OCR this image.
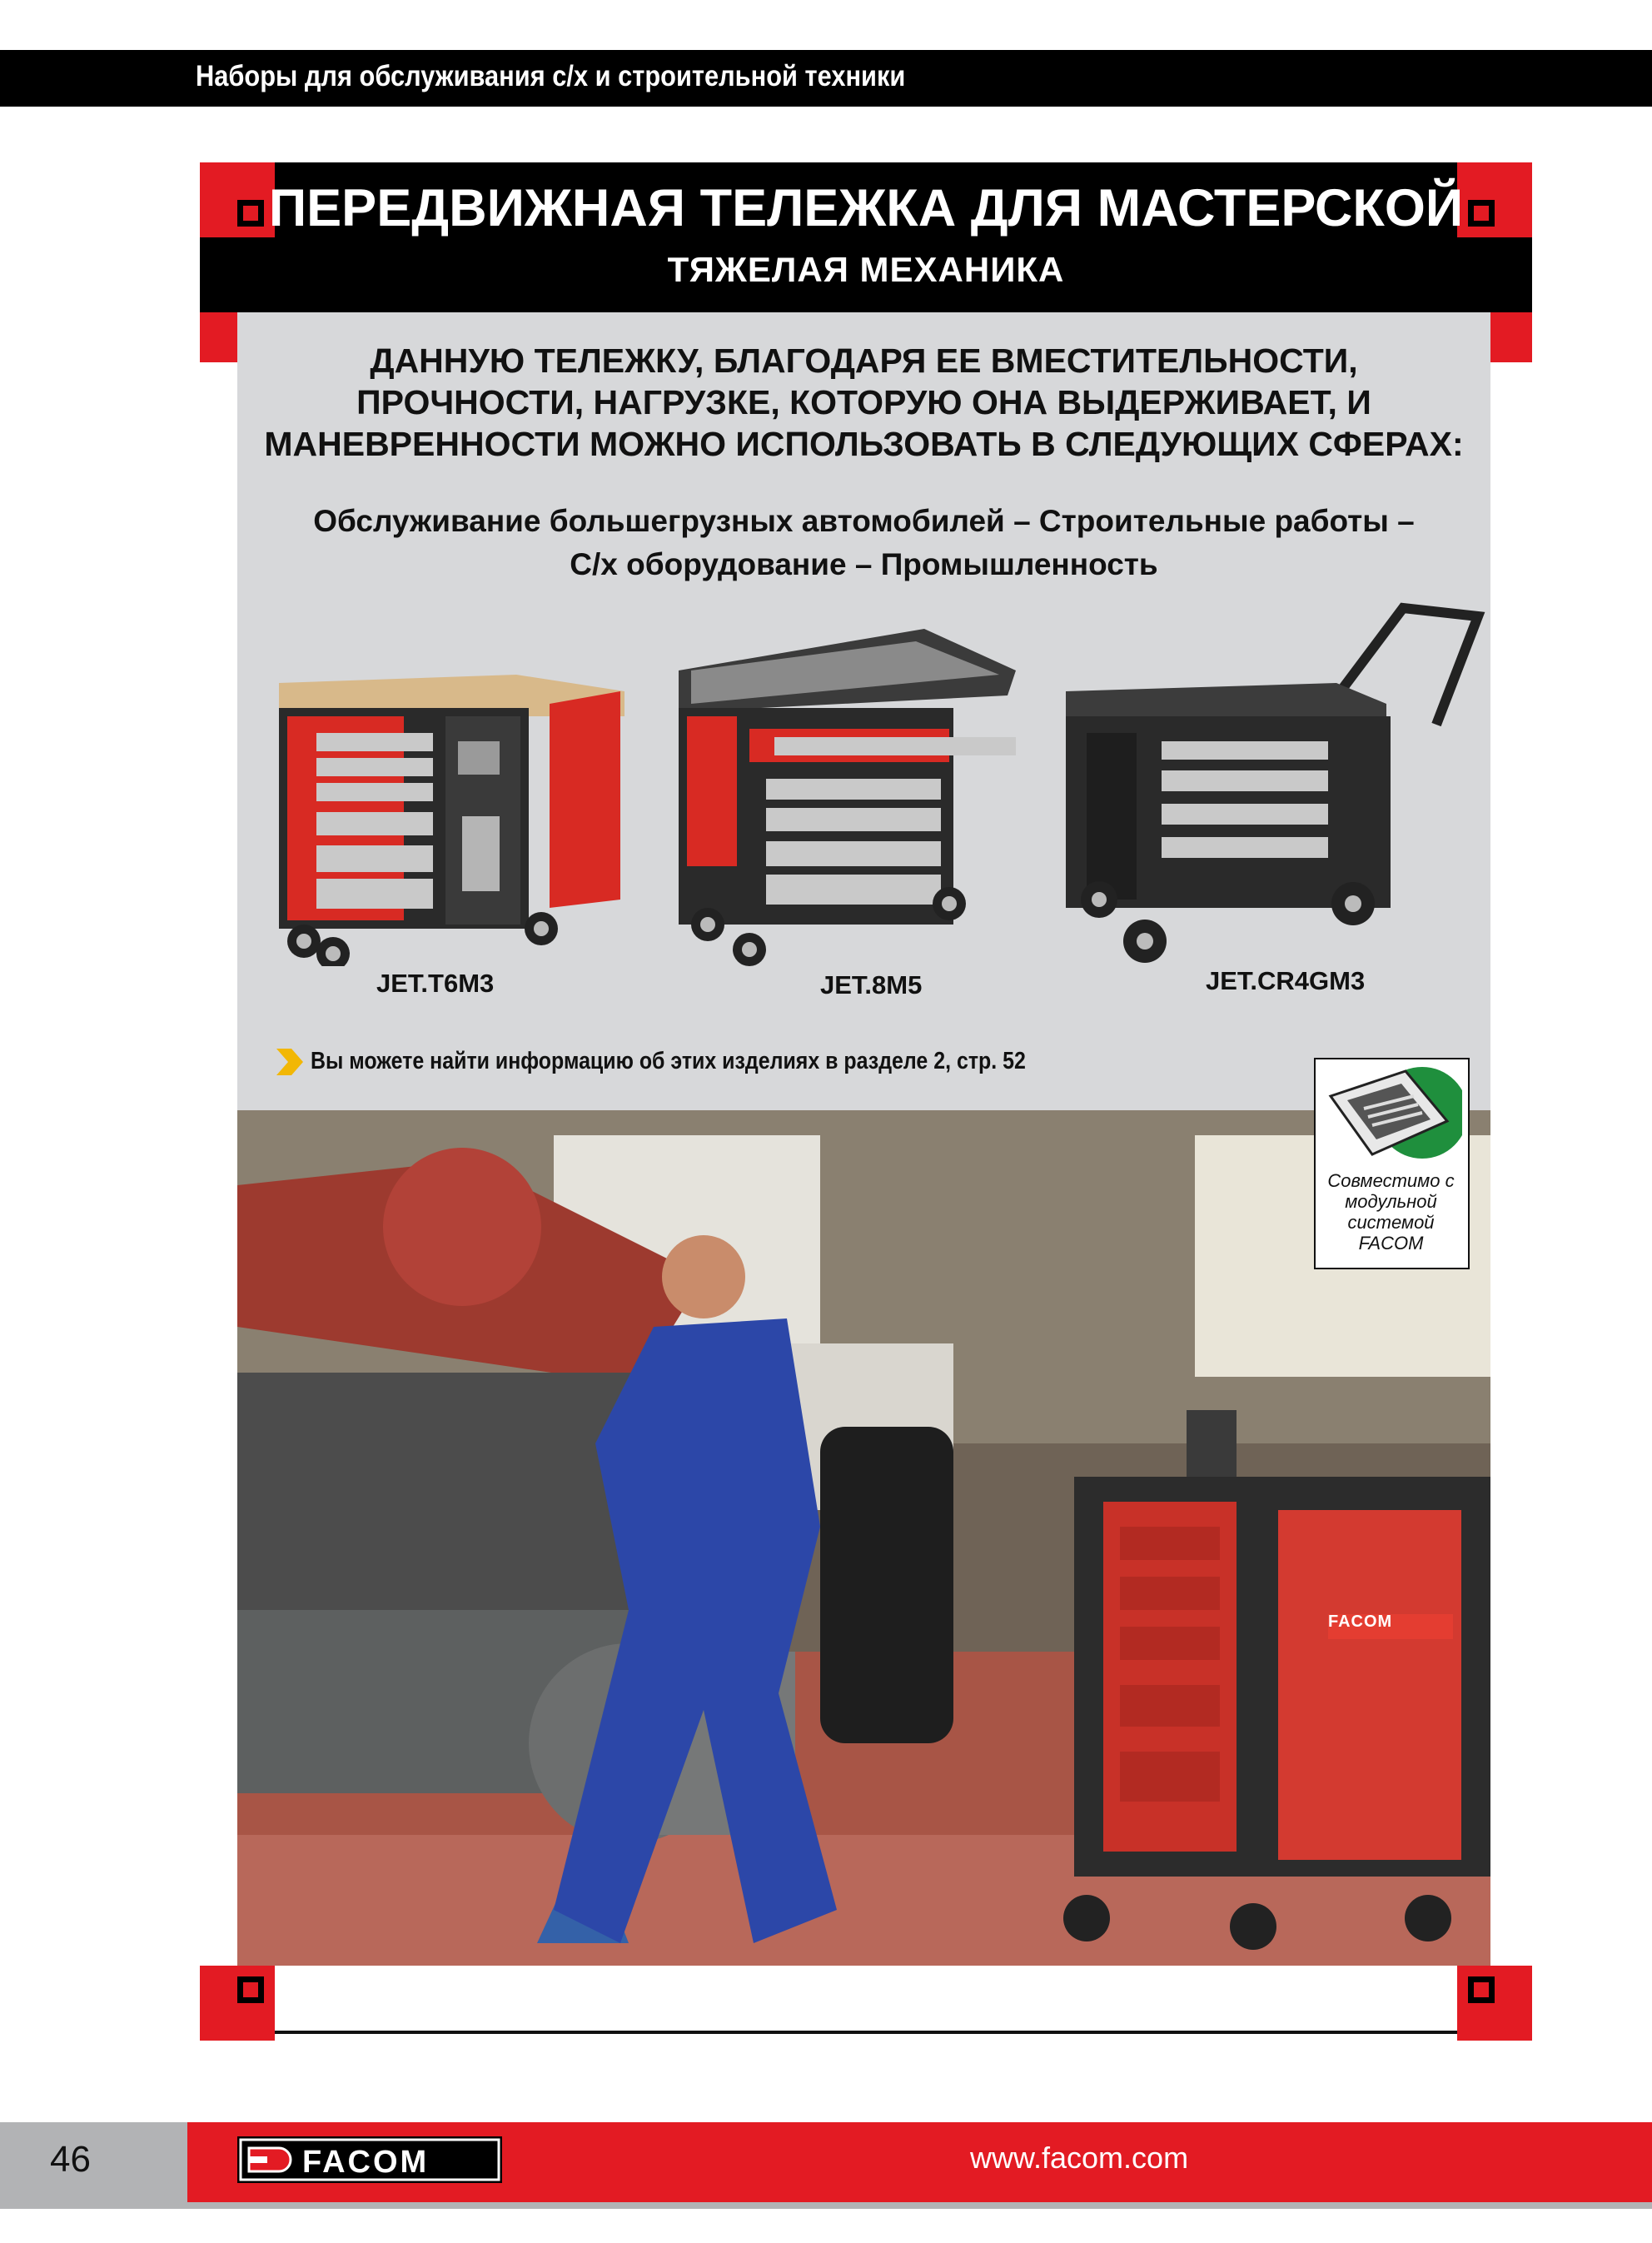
Наборы для обслуживания с/х и строительной техники
ПЕРЕДВИЖНАЯ ТЕЛЕЖКА ДЛЯ МАСТЕРСКОЙ
ТЯЖЕЛАЯ МЕХАНИКА
ДАННУЮ ТЕЛЕЖКУ, БЛАГОДАРЯ ЕЕ ВМЕСТИТЕЛЬНОСТИ,
ПРОЧНОСТИ, НАГРУЗКЕ, КОТОРУЮ ОНА ВЫДЕРЖИВАЕТ, И
МАНЕВРЕННОСТИ МОЖНО ИСПОЛЬЗОВАТЬ В СЛЕДУЮЩИХ СФЕРАХ:
Обслуживание большегрузных автомобилей – Строительные работы –
С/х оборудование – Промышленность
JET.T6M3	JET.8M5	JET.CR4GM3
Вы можете найти информацию об этих изделиях в разделе 2, стр. 52
FACOM
Совместимо с
модульной
системой
FACOM
46	FACOM	www.facom.com
